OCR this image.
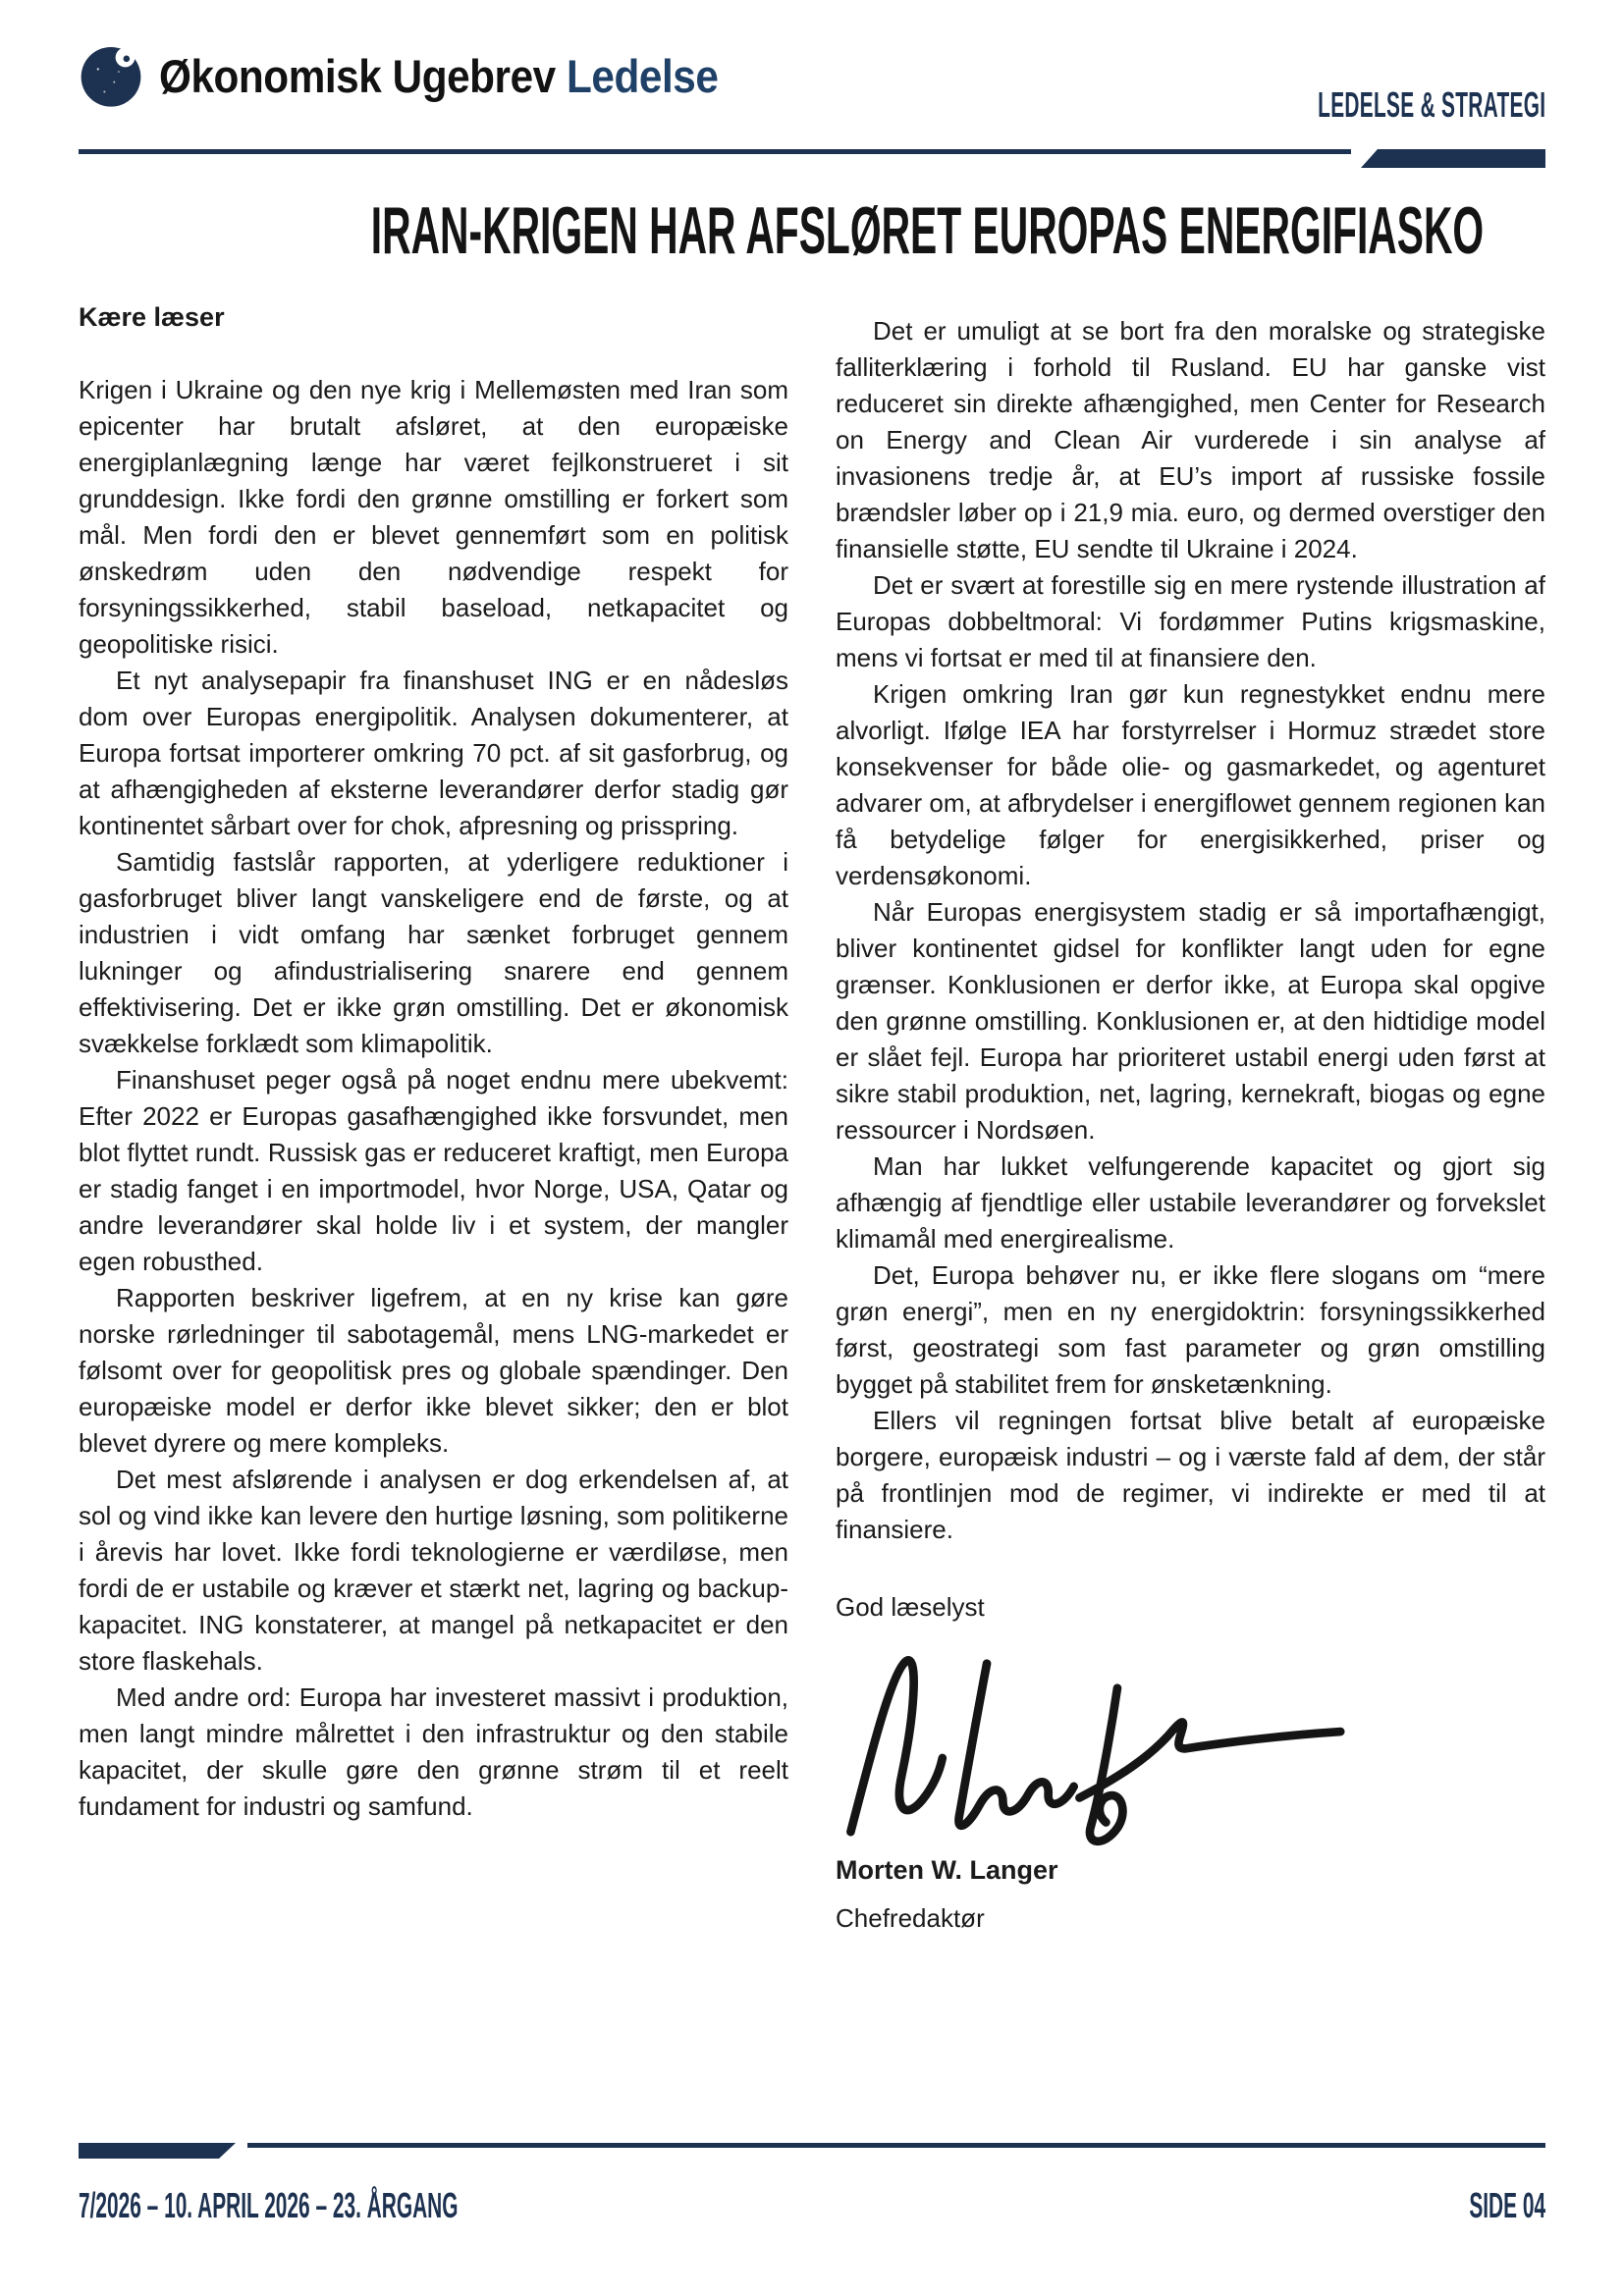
Økonomisk Ugebrev Ledelse
LEDELSE & STRATEGI
IRAN-KRIGEN HAR AFSLØRET EUROPAS ENERGIFIASKO

Kære læser

Krigen i Ukraine og den nye krig i Mellemøsten med Iran som epicenter har brutalt afsløret, at den europæiske energiplanlægning længe har været fejlkonstrueret i sit grunddesign. Ikke fordi den grønne omstilling er forkert som mål. Men fordi den er blevet gennemført som en politisk ønskedrøm uden den nødvendige respekt for forsyningssikkerhed, stabil baseload, netkapacitet og geopolitiske risici.

Et nyt analysepapir fra finanshuset ING er en nådesløs dom over Europas energipolitik. Analysen dokumenterer, at Europa fortsat importerer omkring 70 pct. af sit gasforbrug, og at afhængigheden af eksterne leverandører derfor stadig gør kontinentet sårbart over for chok, afpresning og prisspring.

Samtidig fastslår rapporten, at yderligere reduktioner i gasforbruget bliver langt vanskeligere end de første, og at industrien i vidt omfang har sænket forbruget gennem lukninger og afindustrialisering snarere end gennem effektivisering. Det er ikke grøn omstilling. Det er økonomisk svækkelse forklædt som klimapolitik.

Finanshuset peger også på noget endnu mere ubekvemt: Efter 2022 er Europas gasafhængighed ikke forsvundet, men blot flyttet rundt. Russisk gas er reduceret kraftigt, men Europa er stadig fanget i en importmodel, hvor Norge, USA, Qatar og andre leverandører skal holde liv i et system, der mangler egen robusthed.

Rapporten beskriver ligefrem, at en ny krise kan gøre norske rørledninger til sabotagemål, mens LNG-markedet er følsomt over for geopolitisk pres og globale spændinger. Den europæiske model er derfor ikke blevet sikker; den er blot blevet dyrere og mere kompleks.

Det mest afslørende i analysen er dog erkendelsen af, at sol og vind ikke kan levere den hurtige løsning, som politikerne i årevis har lovet. Ikke fordi teknologierne er værdiløse, men fordi de er ustabile og kræver et stærkt net, lagring og backup-kapacitet. ING konstaterer, at mangel på netkapacitet er den store flaskehals.

Med andre ord: Europa har investeret massivt i produktion, men langt mindre målrettet i den infrastruktur og den stabile kapacitet, der skulle gøre den grønne strøm til et reelt fundament for industri og samfund.

Det er umuligt at se bort fra den moralske og strategiske falliterklæring i forhold til Rusland. EU har ganske vist reduceret sin direkte afhængighed, men Center for Research on Energy and Clean Air vurderede i sin analyse af invasionens tredje år, at EU’s import af russiske fossile brændsler løber op i 21,9 mia. euro, og dermed overstiger den finansielle støtte, EU sendte til Ukraine i 2024.

Det er svært at forestille sig en mere rystende illustration af Europas dobbeltmoral: Vi fordømmer Putins krigsmaskine, mens vi fortsat er med til at finansiere den.

Krigen omkring Iran gør kun regnestykket endnu mere alvorligt. Ifølge IEA har forstyrrelser i Hormuz strædet store konsekvenser for både olie- og gasmarkedet, og agenturet advarer om, at afbrydelser i energiflowet gennem regionen kan få betydelige følger for energisikkerhed, priser og verdensøkonomi.

Når Europas energisystem stadig er så importafhængigt, bliver kontinentet gidsel for konflikter langt uden for egne grænser. Konklusionen er derfor ikke, at Europa skal opgive den grønne omstilling. Konklusionen er, at den hidtidige model er slået fejl. Europa har prioriteret ustabil energi uden først at sikre stabil produktion, net, lagring, kernekraft, biogas og egne ressourcer i Nordsøen.

Man har lukket velfungerende kapacitet og gjort sig afhængig af fjendtlige eller ustabile leverandører og forvekslet klimamål med energirealisme.

Det, Europa behøver nu, er ikke flere slogans om “mere grøn energi”, men en ny energidoktrin: forsyningssikkerhed først, geostrategi som fast parameter og grøn omstilling bygget på stabilitet frem for ønsketænkning.

Ellers vil regningen fortsat blive betalt af europæiske borgere, europæisk industri – og i værste fald af dem, der står på frontlinjen mod de regimer, vi indirekte er med til at finansiere.

God læselyst

Morten W. Langer

Chefredaktør

7/2026 – 10. APRIL 2026 – 23. ÅRGANG	SIDE 04
